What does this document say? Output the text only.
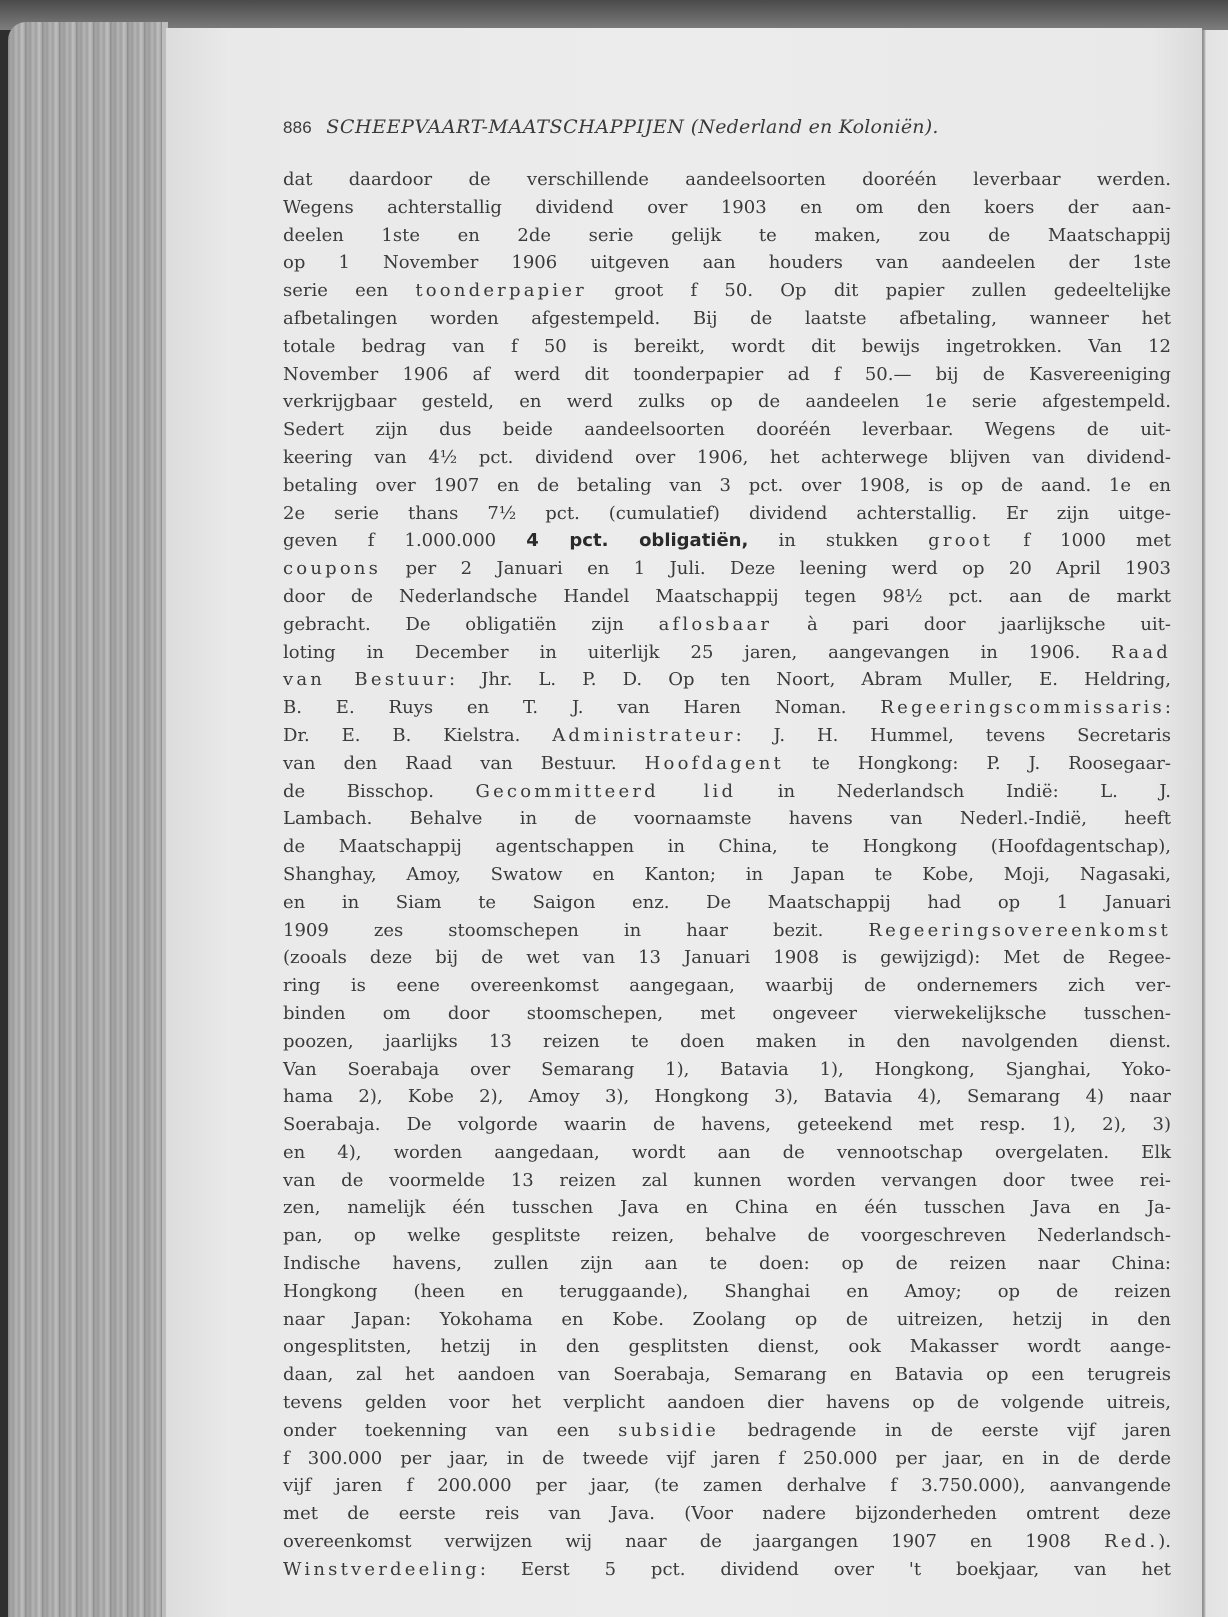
886 SCHEEPVAART-MAATSCHAPPIJEN (Nederland en Koloniën).
dat daardoor de verschillende aandeelsoorten dooréén leverbaar werden.
Wegens achterstallig dividend over 1903 en om den koers der aan-
deelen 1ste en 2de serie gelijk te maken, zou de Maatschappij
op 1 November 1906 uitgeven aan houders van aandeelen der 1ste
serie een toonderpapier groot f 50. Op dit papier zullen gedeeltelijke
afbetalingen worden afgestempeld. Bij de laatste afbetaling, wanneer het
totale bedrag van f 50 is bereikt, wordt dit bewijs ingetrokken. Van 12
November 1906 af werd dit toonderpapier ad f 50.— bij de Kasvereeniging
verkrijgbaar gesteld, en werd zulks op de aandeelen 1e serie afgestempeld.
Sedert zijn dus beide aandeelsoorten dooréén leverbaar. Wegens de uit-
keering van 4½ pct. dividend over 1906, het achterwege blijven van dividend-
betaling over 1907 en de betaling van 3 pct. over 1908, is op de aand. 1e en
2e serie thans 7½ pct. (cumulatief) dividend achterstallig. Er zijn uitge-
geven f 1.000.000 4 pct. obligatiën, in stukken groot f 1000 met
coupons per 2 Januari en 1 Juli. Deze leening werd op 20 April 1903
door de Nederlandsche Handel Maatschappij tegen 98½ pct. aan de markt
gebracht. De obligatiën zijn aflosbaar à pari door jaarlijksche uit-
loting in December in uiterlijk 25 jaren, aangevangen in 1906. Raad
van Bestuur: Jhr. L. P. D. Op ten Noort, Abram Muller, E. Heldring,
B. E. Ruys en T. J. van Haren Noman. Regeeringscommissaris:
Dr. E. B. Kielstra. Administrateur: J. H. Hummel, tevens Secretaris
van den Raad van Bestuur. Hoofdagent te Hongkong: P. J. Roosegaar-
de Bisschop. Gecommitteerd lid in Nederlandsch Indië: L. J.
Lambach. Behalve in de voornaamste havens van Nederl.-Indië, heeft
de Maatschappij agentschappen in China, te Hongkong (Hoofdagentschap),
Shanghay, Amoy, Swatow en Kanton; in Japan te Kobe, Moji, Nagasaki,
en in Siam te Saigon enz. De Maatschappij had op 1 Januari
1909 zes stoomschepen in haar bezit. Regeeringsovereenkomst
(zooals deze bij de wet van 13 Januari 1908 is gewijzigd): Met de Regee-
ring is eene overeenkomst aangegaan, waarbij de ondernemers zich ver-
binden om door stoomschepen, met ongeveer vierwekelijksche tusschen-
poozen, jaarlijks 13 reizen te doen maken in den navolgenden dienst.
Van Soerabaja over Semarang 1), Batavia 1), Hongkong, Sjanghai, Yoko-
hama 2), Kobe 2), Amoy 3), Hongkong 3), Batavia 4), Semarang 4) naar
Soerabaja. De volgorde waarin de havens, geteekend met resp. 1), 2), 3)
en 4), worden aangedaan, wordt aan de vennootschap overgelaten. Elk
van de voormelde 13 reizen zal kunnen worden vervangen door twee rei-
zen, namelijk één tusschen Java en China en één tusschen Java en Ja-
pan, op welke gesplitste reizen, behalve de voorgeschreven Nederlandsch-
Indische havens, zullen zijn aan te doen: op de reizen naar China:
Hongkong (heen en teruggaande), Shanghai en Amoy; op de reizen
naar Japan: Yokohama en Kobe. Zoolang op de uitreizen, hetzij in den
ongesplitsten, hetzij in den gesplitsten dienst, ook Makasser wordt aange-
daan, zal het aandoen van Soerabaja, Semarang en Batavia op een terugreis
tevens gelden voor het verplicht aandoen dier havens op de volgende uitreis,
onder toekenning van een subsidie bedragende in de eerste vijf jaren
f 300.000 per jaar, in de tweede vijf jaren f 250.000 per jaar, en in de derde
vijf jaren f 200.000 per jaar, (te zamen derhalve f 3.750.000), aanvangende
met de eerste reis van Java. (Voor nadere bijzonderheden omtrent deze
overeenkomst verwijzen wij naar de jaargangen 1907 en 1908 Red.).
Winstverdeeling: Eerst 5 pct. dividend over 't boekjaar, van het
